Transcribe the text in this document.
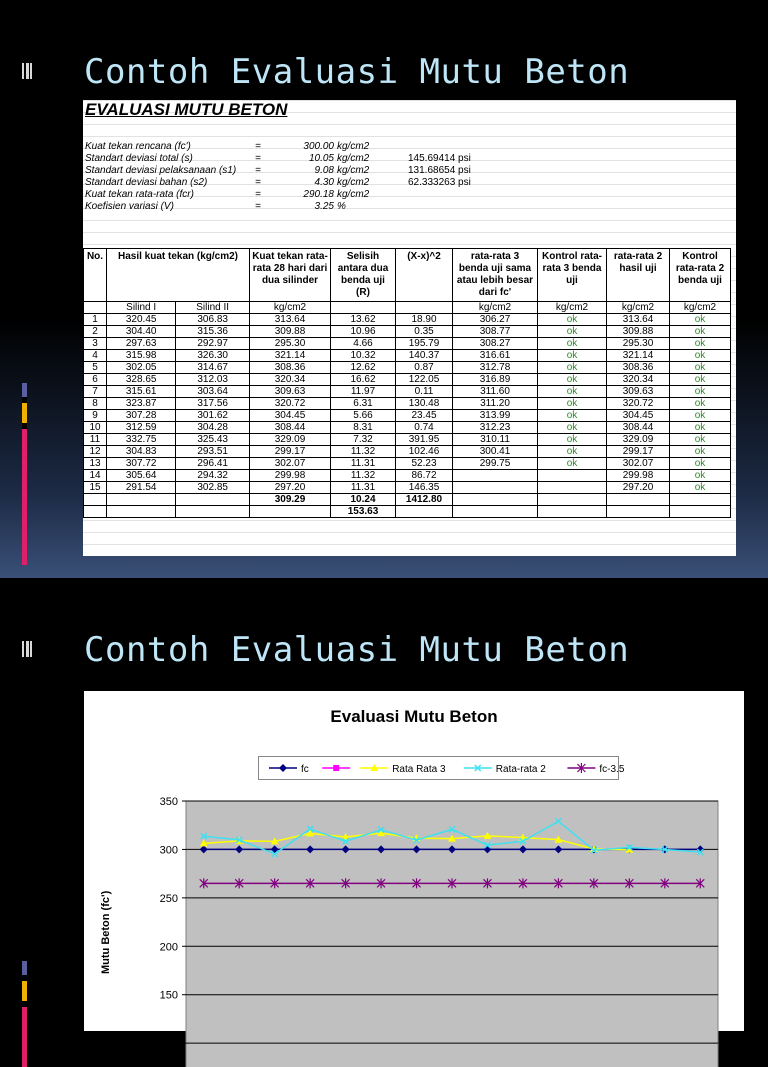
Contoh Evaluasi Mutu Beton
EVALUASI MUTU BETON
Kuat tekan rencana (fc')	=	300.00 kg/cm2
Standart deviasi total (s)	=	10.05 kg/cm2	145.69414 psi
Standart deviasi pelaksanaan (s1) =	9.08 kg/cm2	131.68654 psi
Standart deviasi bahan (s2)	=	4.30 kg/cm2	62.333263 psi
Kuat tekan rata-rata (fcr)	=	290.18 kg/cm2
Koefisien variasi (V)	=	3.25 %
No.	Hasil kuat tekan (kg/cm2)		Kuat tekan rata-rata 28 hari dari dua silinder	Selisih antara dua benda uji (R)	(X-x)^2	rata-rata 3 benda uji sama atau lebih besar dari fc'	Kontrol rata-rata 3 benda uji	rata-rata 2 hasil uji	Kontrol rata-rata 2 benda uji
	Silind I	Silind II	kg/cm2			kg/cm2	kg/cm2	kg/cm2	kg/cm2
1	320.45	306.83	313.64	13.62	18.90	306.27	ok	313.64	ok
2	304.40	315.36	309.88	10.96	0.35	308.77	ok	309.88	ok
3	297.63	292.97	295.30	4.66	195.79	308.27	ok	295.30	ok
4	315.98	326.30	321.14	10.32	140.37	316.61	ok	321.14	ok
5	302.05	314.67	308.36	12.62	0.87	312.78	ok	308.36	ok
6	328.65	312.03	320.34	16.62	122.05	316.89	ok	320.34	ok
7	315.61	303.64	309.63	11.97	0.11	311.60	ok	309.63	ok
8	323.87	317.56	320.72	6.31	130.48	311.20	ok	320.72	ok
9	307.28	301.62	304.45	5.66	23.45	313.99	ok	304.45	ok
10	312.59	304.28	308.44	8.31	0.74	312.23	ok	308.44	ok
11	332.75	325.43	329.09	7.32	391.95	310.11	ok	329.09	ok
12	304.83	293.51	299.17	11.32	102.46	300.41	ok	299.17	ok
13	307.72	296.41	302.07	11.31	52.23	299.75	ok	302.07	ok
14	305.64	294.32	299.98	11.32	86.72			299.98	ok
15	291.54	302.85	297.20	11.31	146.35			297.20	ok
			309.29	10.24	1412.80				
				153.63					
Contoh Evaluasi Mutu Beton
Evaluasi Mutu Beton
fc	Rata Rata 3	Rata-rata 2	fc-3.5
100
150
200
250
300
350
Mutu Beton (fc')
